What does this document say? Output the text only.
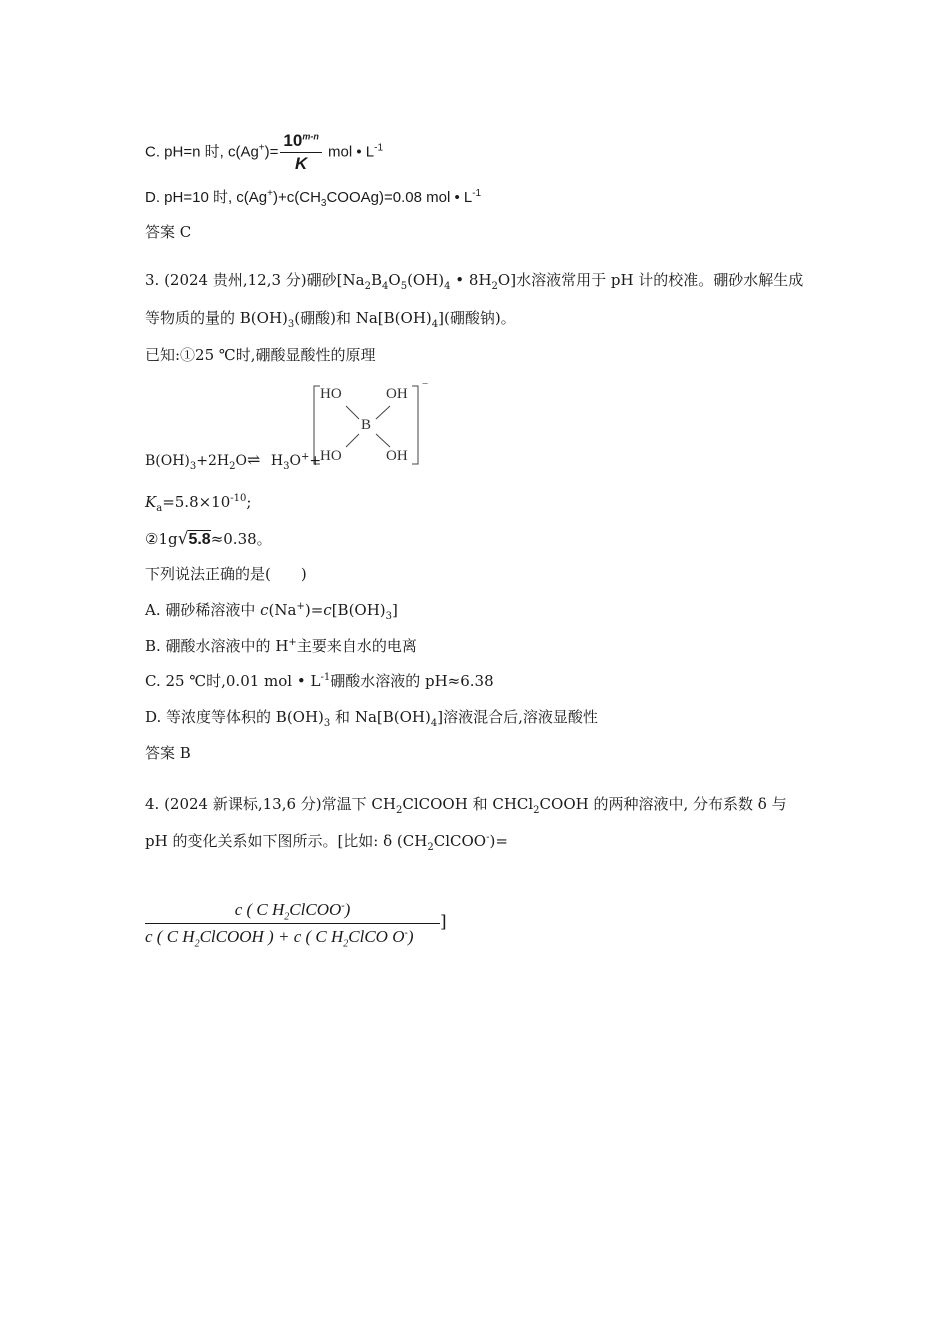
C. pH=n 时, $c(Ag^+)= \frac{10^{m-n}}{K}$ mol • $L^{-1}$
D. pH=10 时, $c(Ag^+)+c(CH_3COOAg)=0.08$ mol • $L^{-1}$
答案 C
3. (2024 贵州,12,3 分)硼砂[$Na_2B_4O_5(OH)_4$ • $8H_2O$]水溶液常用于 pH 计的校准。硼砂水解生成
等物质的量的 $B(OH)_3$(硼酸)和 $Na[B(OH)_4]$(硼酸钠)。
已知:①25 ℃时,硼酸显酸性的原理
HO	OH
B
HO	OH
−
$B(OH)_3+2H_2O\rightleftharpoons$ $H_3O^++$
$K_a=5.8\times 10^{-10}$;
②1g√5.8≈0.38。
下列说法正确的是(　　)
A. 硼砂稀溶液中 $c(Na^+)=c[B(OH)_3]$
B. 硼酸水溶液中的 H+主要来自水的电离
C. 25 ℃时,0.01 mol • $L^{-1}$硼酸水溶液的 pH≈6.38
D. 等浓度等体积的 $B(OH)_3$ 和 $Na[B(OH)_4]$溶液混合后,溶液显酸性
答案 B
4. (2024 新课标,13,6 分)常温下 $CH_2ClCOOH$ 和 CHCl$_2$COOH 的两种溶液中, 分布系数 δ 与
pH 的变化关系如下图所示。[比如: δ $(CH_2ClCOO^-)=$
c ( C $H_2ClCOO^-$)
c ( C $H_2ClCOOH$ ) + c ( C $H_2ClCO$ O-)
]
